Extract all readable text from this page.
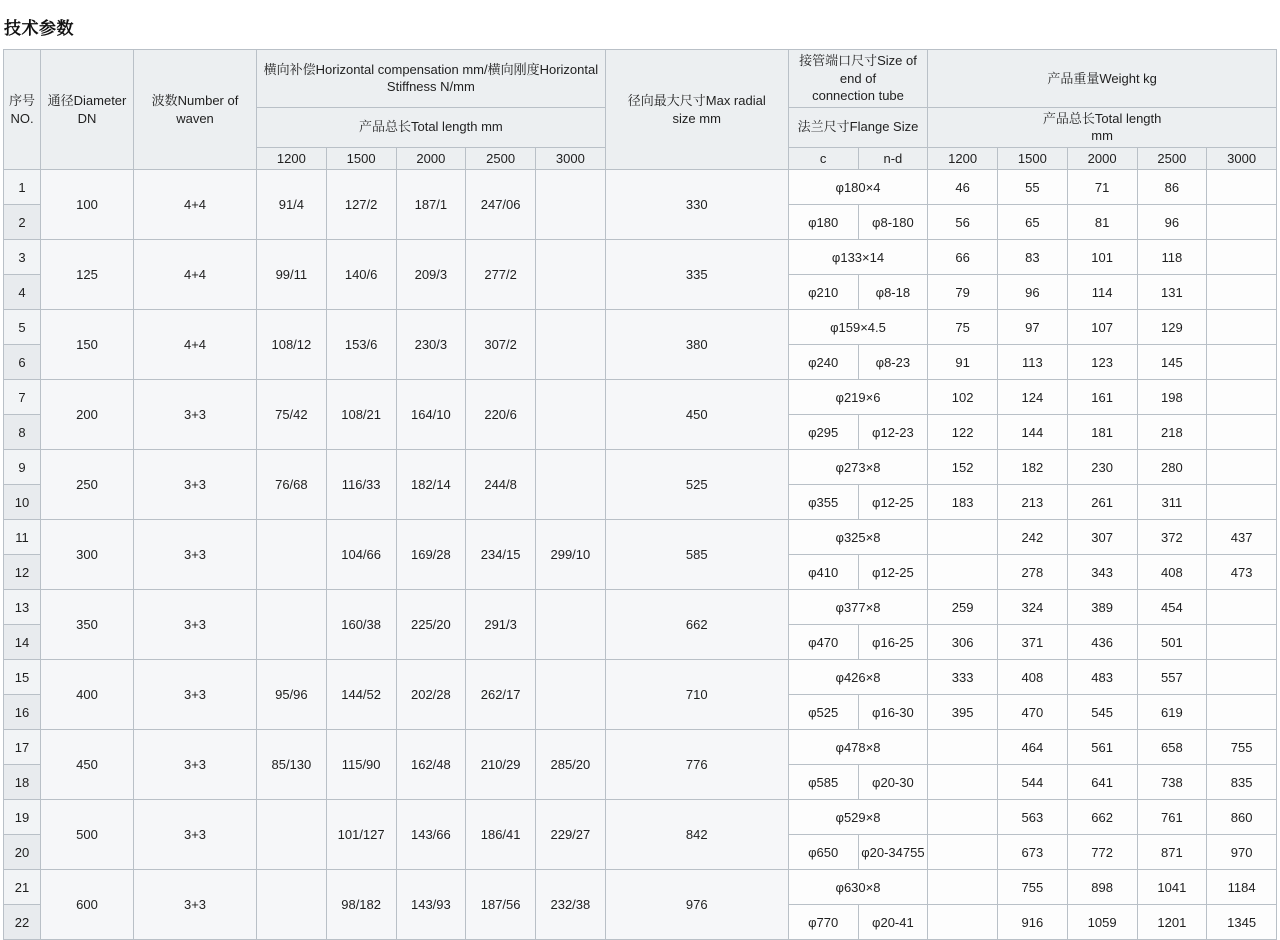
技术参数
序号
NO.

通径Diameter
DN

波数Number of
waven
	横向补偿Horizontal compensation mm/横向刚度Horizontal Stiffness N/mm	
径向最大尺寸Max radial
size mm

接管端口尺寸Size of end of
connection tube
	产品重量Weight kg
			产品总长Total length mm						法兰尺寸Flange Size		产品总长Total length
mm				

			1200	1500	2000	2500	3000		c	n-d	1200	1500	2000	2500	3000
1	100	4+4	91/4	127/2	187/1	247/06		330	φ180×4		46	55	71	86	
2									φ180	φ8-180	56	65	81	96	
3	125	4+4	99/11	140/6	209/3	277/2		335	φ133×14		66	83	101	118	
4									φ210	φ8-18	79	96	114	131	
5	150	4+4	108/12	153/6	230/3	307/2		380	φ159×4.5		75	97	107	129	
6									φ240	φ8-23	91	113	123	145	
7	200	3+3	75/42	108/21	164/10	220/6		450	φ219×6		102	124	161	198	
8									φ295	φ12-23	122	144	181	218	
9	250	3+3	76/68	116/33	182/14	244/8		525	φ273×8		152	182	230	280	
10									φ355	φ12-25	183	213	261	311	
11	300	3+3		104/66	169/28	234/15	299/10	585	φ325×8			242	307	372	437
12									φ410	φ12-25		278	343	408	473
13	350	3+3		160/38	225/20	291/3		662	φ377×8		259	324	389	454	
14									φ470	φ16-25	306	371	436	501	
15	400	3+3	95/96	144/52	202/28	262/17		710	φ426×8		333	408	483	557	
16									φ525	φ16-30	395	470	545	619	
17	450	3+3	85/130	115/90	162/48	210/29	285/20	776	φ478×8			464	561	658	755
18									φ585	φ20-30		544	641	738	835
19	500	3+3		101/127	143/66	186/41	229/27	842	φ529×8			563	662	761	860
20									φ650	φ20-34755		673	772	871	970
21	600	3+3		98/182	143/93	187/56	232/38	976	φ630×8			755	898	1041	1184
22									φ770	φ20-41		916	1059	1201	1345
